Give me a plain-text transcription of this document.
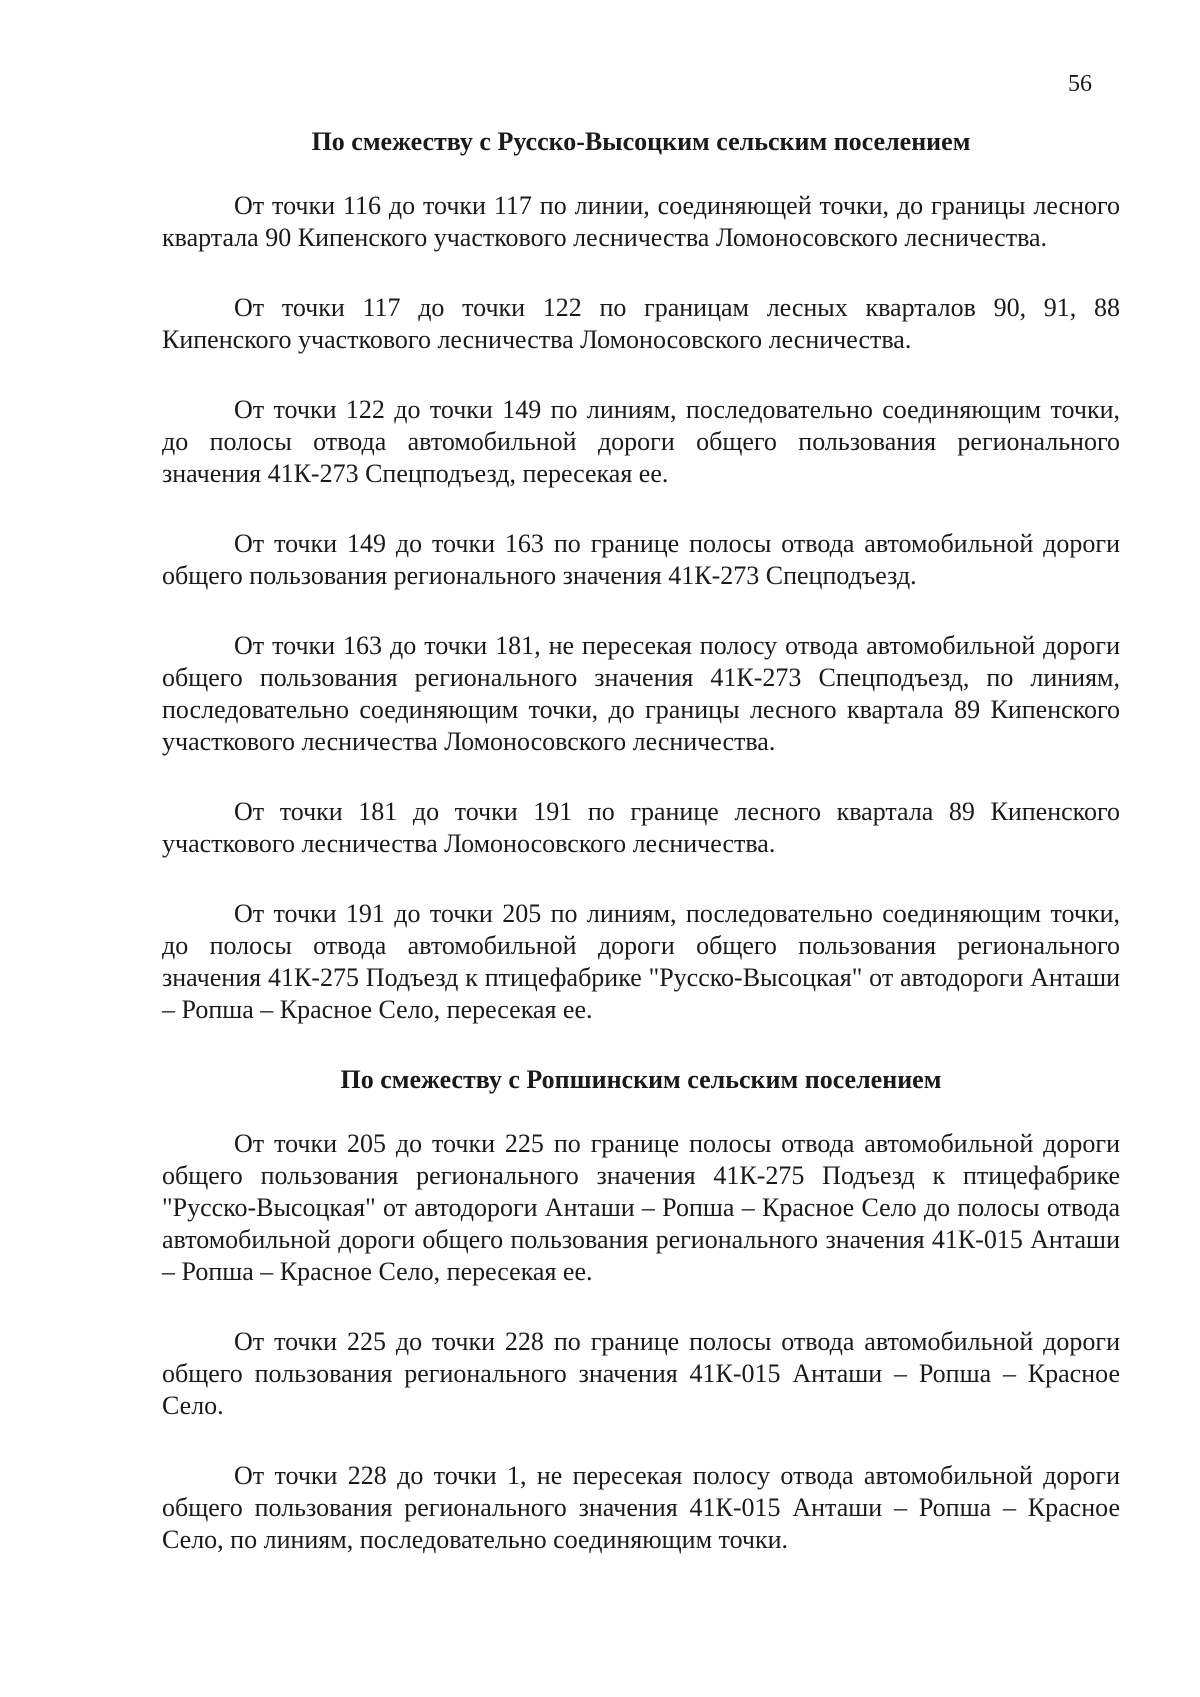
56
По смежеству с Русско-Высоцким сельским поселением

От точки 116 до точки 117 по линии, соединяющей точки, до границы лесного квартала 90 Кипенского участкового лесничества Ломоносовского лесничества.

От точки 117 до точки 122 по границам лесных кварталов 90, 91, 88 Кипенского участкового лесничества Ломоносовского лесничества.

От точки 122 до точки 149 по линиям, последовательно соединяющим точки, до полосы отвода автомобильной дороги общего пользования регионального значения 41К-273 Спецподъезд, пересекая ее.

От точки 149 до точки 163 по границе полосы отвода автомобильной дороги общего пользования регионального значения 41К-273 Спецподъезд.

От точки 163 до точки 181, не пересекая полосу отвода автомобильной дороги общего пользования регионального значения 41К-273 Спецподъезд, по линиям, последовательно соединяющим точки, до границы лесного квартала 89 Кипенского участкового лесничества Ломоносовского лесничества.

От точки 181 до точки 191 по границе лесного квартала 89 Кипенского участкового лесничества Ломоносовского лесничества.

От точки 191 до точки 205 по линиям, последовательно соединяющим точки, до полосы отвода автомобильной дороги общего пользования регионального значения 41К-275 Подъезд к птицефабрике "Русско-Высоцкая" от автодороги Анташи – Ропша – Красное Село, пересекая ее.

По смежеству с Ропшинским сельским поселением

От точки 205 до точки 225 по границе полосы отвода автомобильной дороги общего пользования регионального значения 41К-275 Подъезд к птицефабрике "Русско-Высоцкая" от автодороги Анташи – Ропша – Красное Село до полосы отвода автомобильной дороги общего пользования регионального значения 41К-015 Анташи – Ропша – Красное Село, пересекая ее.

От точки 225 до точки 228 по границе полосы отвода автомобильной дороги общего пользования регионального значения 41К-015 Анташи – Ропша – Красное Село.

От точки 228 до точки 1, не пересекая полосу отвода автомобильной дороги общего пользования регионального значения 41К-015 Анташи – Ропша – Красное Село, по линиям, последовательно соединяющим точки.
